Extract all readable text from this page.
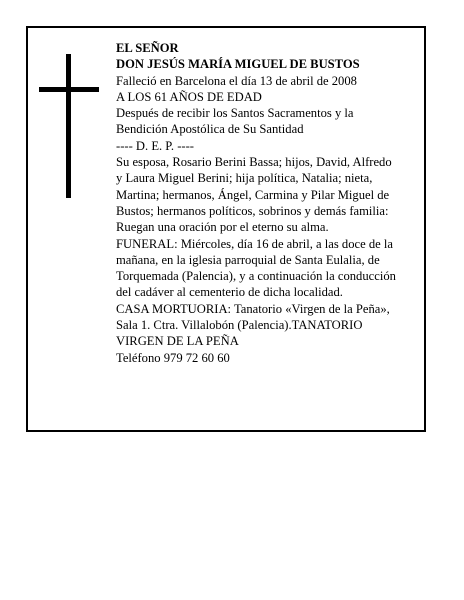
EL SEÑOR
DON JESÚS MARÍA MIGUEL DE BUSTOS
Falleció en Barcelona el día 13 de abril de 2008
A LOS 61 AÑOS DE EDAD
Después de recibir los Santos Sacramentos y la
Bendición Apostólica de Su Santidad
---- D. E. P. ----
Su esposa, Rosario Berini Bassa; hijos, David, Alfredo
y Laura Miguel Berini; hija política, Natalia; nieta,
Martina; hermanos, Ángel, Carmina y Pilar Miguel de
Bustos; hermanos políticos, sobrinos y demás familia:
Ruegan una oración por el eterno su alma.
FUNERAL: Miércoles, día 16 de abril, a las doce de la
mañana, en la iglesia parroquial de Santa Eulalia, de
Torquemada (Palencia), y a continuación la conducción
del cadáver al cementerio de dicha localidad.
CASA MORTUORIA: Tanatorio «Virgen de la Peña»,
Sala 1. Ctra. Villalobón (Palencia).TANATORIO
VIRGEN DE LA PEÑA
Teléfono 979 72 60 60
